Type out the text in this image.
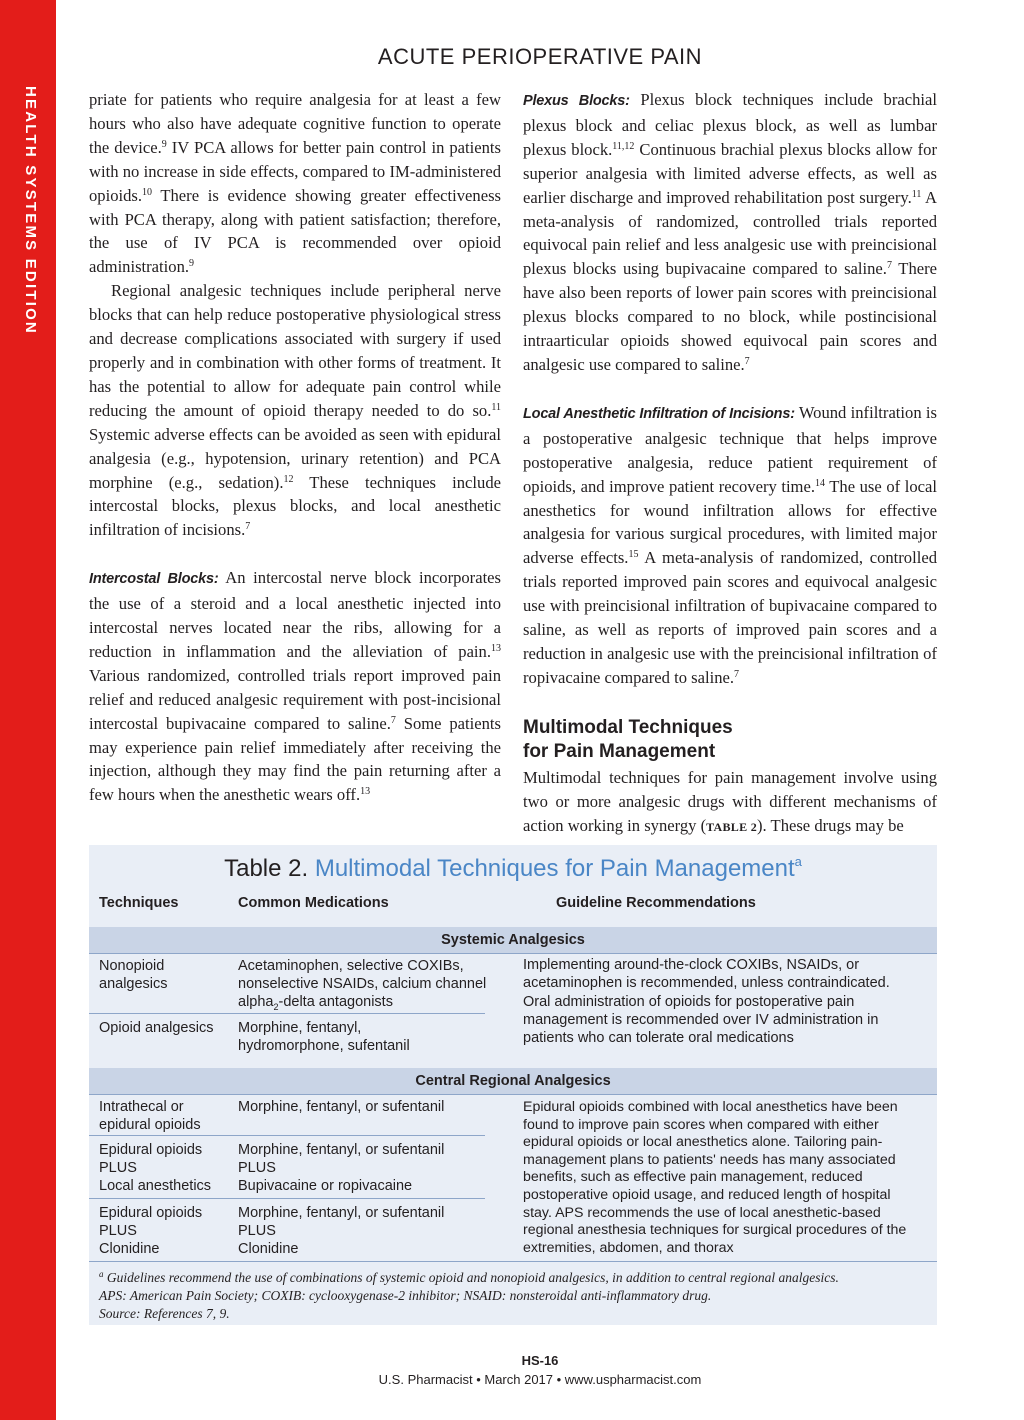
HEALTH SYSTEMS EDITION
ACUTE PERIOPERATIVE PAIN

priate for patients who require analgesia for at least a few hours who also have adequate cognitive function to operate the device.$^9$ IV PCA allows for better pain control in patients with no increase in side effects, compared to IM-administered opioids.$^{10}$ There is evidence showing greater effectiveness with PCA therapy, along with patient satisfaction; therefore, the use of IV PCA is recommended over opioid administration.$^9$

Regional analgesic techniques include peripheral nerve blocks that can help reduce postoperative physiological stress and decrease complications associated with surgery if used properly and in combination with other forms of treatment. It has the potential to allow for adequate pain control while reducing the amount of opioid therapy needed to do so.$^{11}$ Systemic adverse effects can be avoided as seen with epidural analgesia (e.g., hypotension, urinary retention) and PCA morphine (e.g., sedation).$^{12}$ These techniques include intercostal blocks, plexus blocks, and local anesthetic infiltration of incisions.$^7$

Intercostal Blocks: An intercostal nerve block incorporates the use of a steroid and a local anesthetic injected into intercostal nerves located near the ribs, allowing for a reduction in inflammation and the alleviation of pain.$^{13}$ Various randomized, controlled trials report improved pain relief and reduced analgesic requirement with post-incisional intercostal bupivacaine compared to saline.$^7$ Some patients may experience pain relief immediately after receiving the injection, although they may find the pain returning after a few hours when the anesthetic wears off.$^{13}$

Plexus Blocks: Plexus block techniques include brachial plexus block and celiac plexus block, as well as lumbar plexus block.$^{11,12}$ Continuous brachial plexus blocks allow for superior analgesia with limited adverse effects, as well as earlier discharge and improved rehabilitation post surgery.$^{11}$ A meta-analysis of randomized, controlled trials reported equivocal pain relief and less analgesic use with preincisional plexus blocks using bupivacaine compared to saline.$^7$ There have also been reports of lower pain scores with preincisional plexus blocks compared to no block, while postincisional intraarticular opioids showed equivocal pain scores and analgesic use compared to saline.$^7$

Local Anesthetic Infiltration of Incisions: Wound infiltration is a postoperative analgesic technique that helps improve postoperative analgesia, reduce patient requirement of opioids, and improve patient recovery time.$^{14}$ The use of local anesthetics for wound infiltration allows for effective analgesia for various surgical procedures, with limited major adverse effects.$^{15}$ A meta-analysis of randomized, controlled trials reported improved pain scores and equivocal analgesic use with preincisional infiltration of bupivacaine compared to saline, as well as reports of improved pain scores and a reduction in analgesic use with the preincisional infiltration of ropivacaine compared to saline.$^7$

Multimodal Techniques
for Pain Management

Multimodal techniques for pain management involve using two or more analgesic drugs with different mechanisms of action working in synergy (TABLE 2). These drugs may be

Table 2. Multimodal Techniques for Pain Management$^a$
Techniques	Common Medications	Guideline Recommendations
Systemic Analgesics
Nonopioid
analgesics
Acetaminophen, selective COXIBs,
nonselective NSAIDs, calcium channel
alpha$_2$-delta antagonists
Opioid analgesics Morphine, fentanyl,
hydromorphone, sufentanil
Implementing around-the-clock COXIBs, NSAIDs, or acetaminophen is recommended, unless contraindicated. Oral administration of opioids for postoperative pain management is recommended over IV administration in patients who can tolerate oral medications
Central Regional Analgesics
Intrathecal or
epidural opioids
Morphine, fentanyl, or sufentanil
Epidural opioids
PLUS
Local anesthetics
Morphine, fentanyl, or sufentanil
PLUS
Bupivacaine or ropivacaine
Epidural opioids
PLUS
Clonidine
Morphine, fentanyl, or sufentanil
PLUS
Clonidine
Epidural opioids combined with local anesthetics have been found to improve pain scores when compared with either epidural opioids or local anesthetics alone. Tailoring pain-management plans to patients' needs has many associated benefits, such as effective pain management, reduced postoperative opioid usage, and reduced length of hospital stay. APS recommends the use of local anesthetic-based regional anesthesia techniques for surgical procedures of the extremities, abdomen, and thorax
$^a$ Guidelines recommend the use of combinations of systemic opioid and nonopioid analgesics, in addition to central regional analgesics.
APS: American Pain Society; COXIB: cyclooxygenase-2 inhibitor; NSAID: nonsteroidal anti-inflammatory drug.
Source: References 7, 9.
HS-16
U.S. Pharmacist • March 2017 • www.uspharmacist.com
